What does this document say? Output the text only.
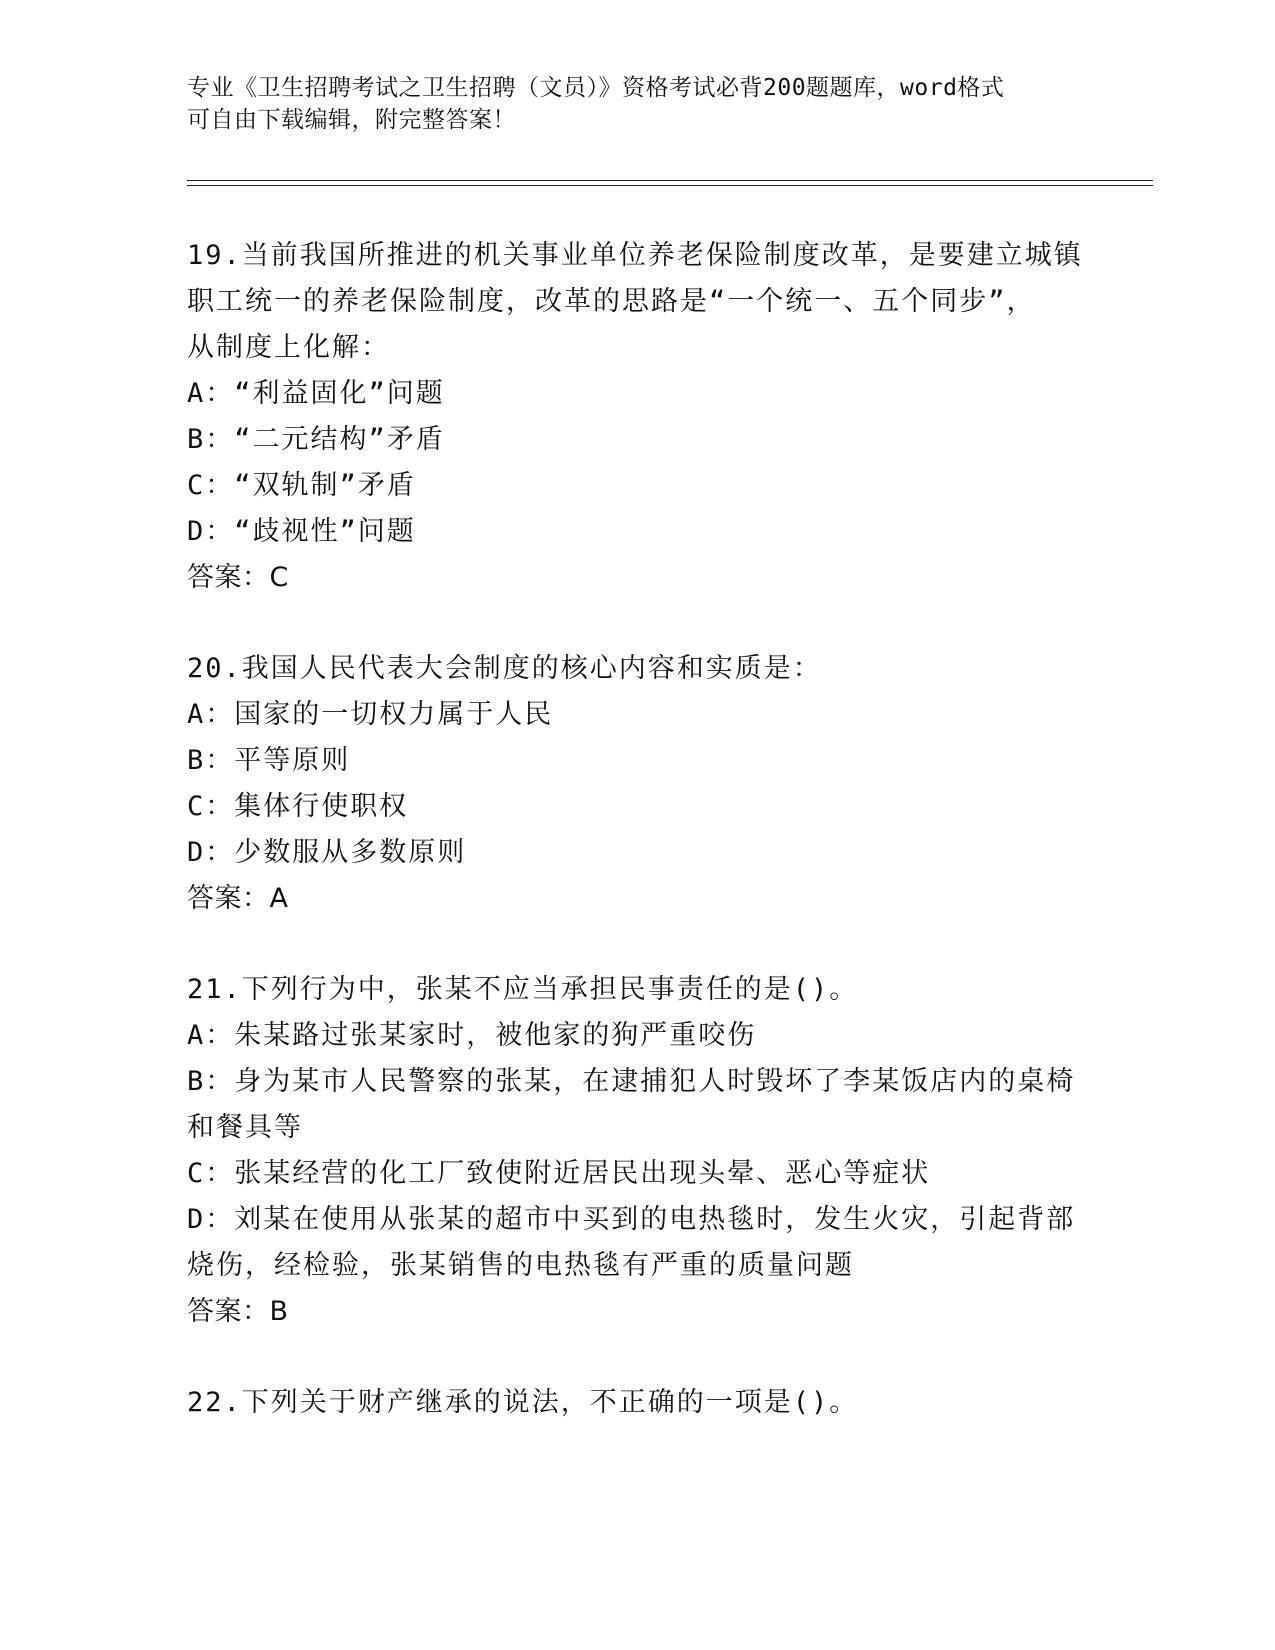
专业《卫生招聘考试之卫生招聘（文员）》资格考试必背200题题库，word格式
可自由下载编辑，附完整答案！
19.当前我国所推进的机关事业单位养老保险制度改革，是要建立城镇
职工统一的养老保险制度，改革的思路是“一个统一、五个同步”，
从制度上化解：
A：“利益固化”问题
B：“二元结构”矛盾
C：“双轨制”矛盾
D：“歧视性”问题
答案：C
20.我国人民代表大会制度的核心内容和实质是：
A：国家的一切权力属于人民
B：平等原则
C：集体行使职权
D：少数服从多数原则
答案：A
21.下列行为中，张某不应当承担民事责任的是()。
A：朱某路过张某家时，被他家的狗严重咬伤
B：身为某市人民警察的张某，在逮捕犯人时毁坏了李某饭店内的桌椅
和餐具等
C：张某经营的化工厂致使附近居民出现头晕、恶心等症状
D：刘某在使用从张某的超市中买到的电热毯时，发生火灾，引起背部
烧伤，经检验，张某销售的电热毯有严重的质量问题
答案：B
22.下列关于财产继承的说法，不正确的一项是()。
